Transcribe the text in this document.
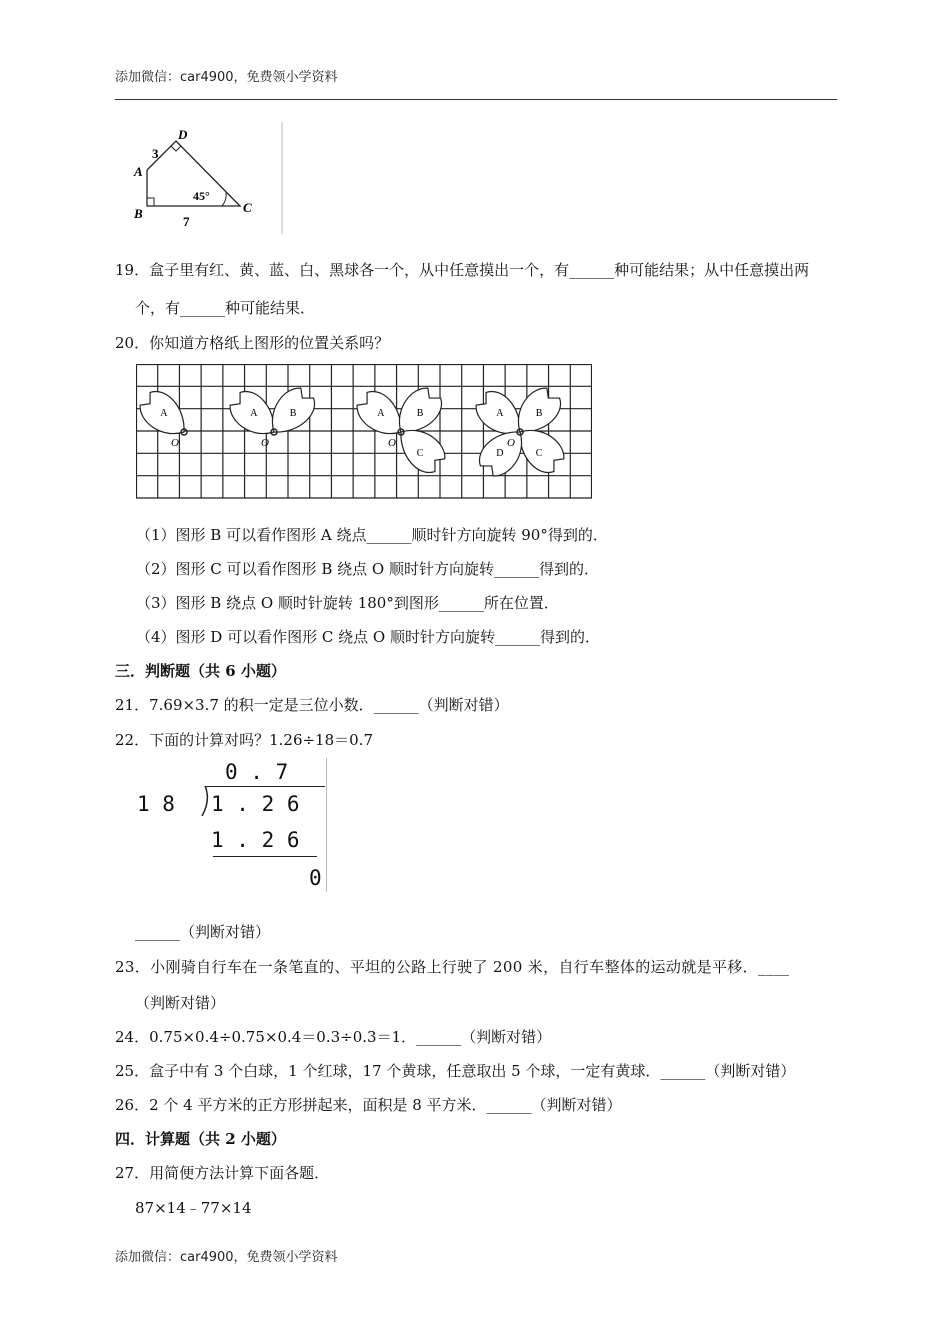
添加微信：car4900，免费领小学资料
D
3
A
45°
B
7
C
19．盒子里有红、黄、蓝、白、黑球各一个，从中任意摸出一个，有______种可能结果；从中任意摸出两
个，有______种可能结果．
20．你知道方格纸上图形的位置关系吗？
A
O
A	B
O
A	B
C
O
A	B
C
D
O
（1）图形 B 可以看作图形 A 绕点______顺时针方向旋转 90°得到的．
（2）图形 C 可以看作图形 B 绕点 O 顺时针方向旋转______得到的．
（3）图形 B 绕点 O 顺时针旋转 180°到图形______所在位置．
（4）图形 D 可以看作图形 C 绕点 O 顺时针方向旋转______得到的．
三．判断题（共 6 小题）
21．7.69×3.7 的积一定是三位小数．______（判断对错）
22．下面的计算对吗？1.26÷18＝0.7
0 . 7
1 8 1 . 2 6
1 . 2 6
0
______（判断对错）
23．小刚骑自行车在一条笔直的、平坦的公路上行驶了 200 米，自行车整体的运动就是平移．____
（判断对错）
24．0.75×0.4÷0.75×0.4＝0.3÷0.3＝1．______（判断对错）
25．盒子中有 3 个白球，1 个红球，17 个黄球，任意取出 5 个球，一定有黄球．______（判断对错）
26．2 个 4 平方米的正方形拼起来，面积是 8 平方米．______（判断对错）
四．计算题（共 2 小题）
27．用简便方法计算下面各题．
87×14﹣77×14
添加微信：car4900，免费领小学资料
